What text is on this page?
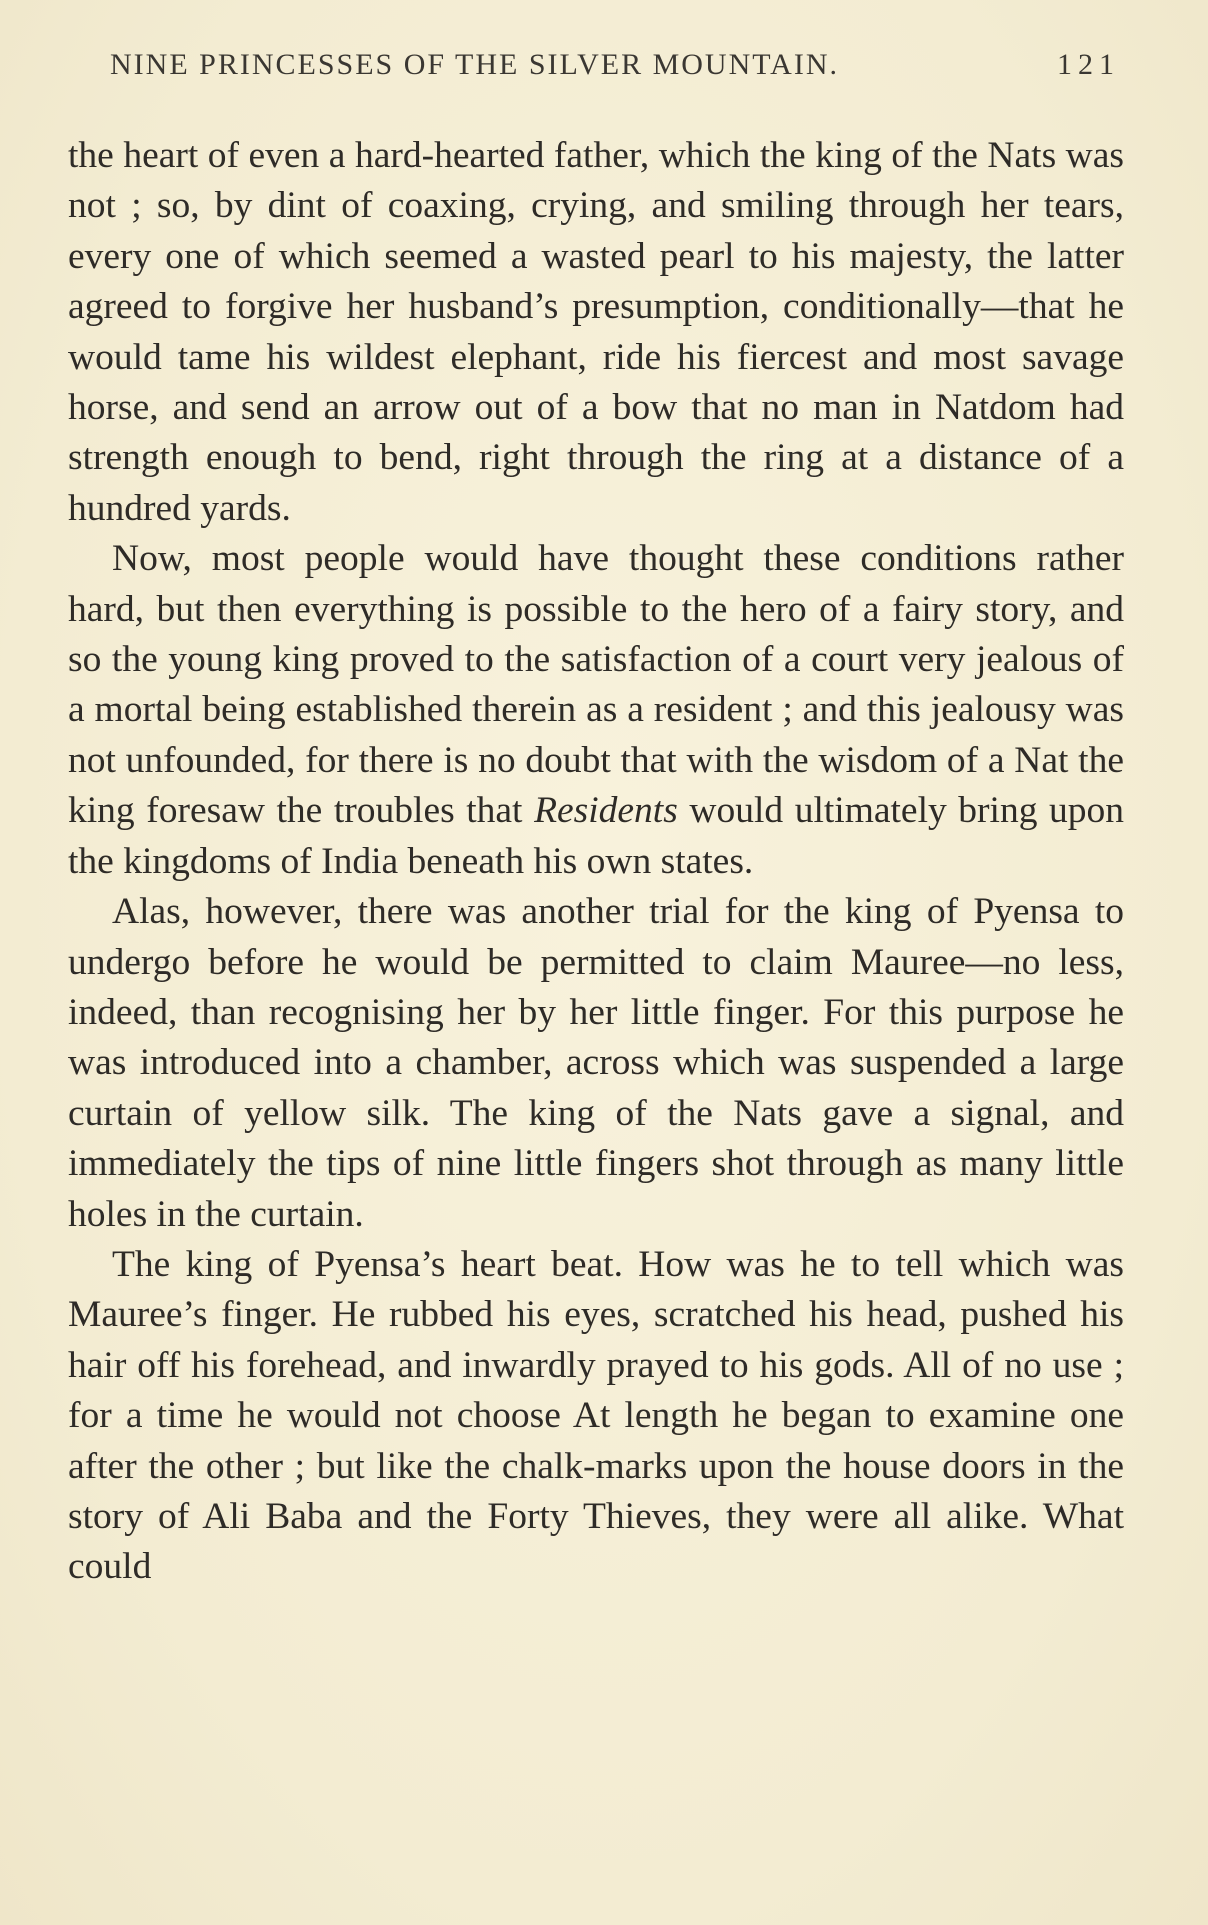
NINE PRINCESSES OF THE SILVER MOUNTAIN.	121

the heart of even a hard-hearted father, which the king of the Nats was not ; so, by dint of coaxing, crying, and smiling through her tears, every one of which seemed a wasted pearl to his majesty, the latter agreed to forgive her husband’s presumption, conditionally—that he would tame his wildest elephant, ride his fiercest and most savage horse, and send an arrow out of a bow that no man in Natdom had strength enough to bend, right through the ring at a distance of a hundred yards.

Now, most people would have thought these conditions rather hard, but then everything is possible to the hero of a fairy story, and so the young king proved to the satisfaction of a court very jealous of a mortal being established therein as a resident ; and this jealousy was not unfounded, for there is no doubt that with the wisdom of a Nat the king foresaw the troubles that Residents would ultimately bring upon the kingdoms of India beneath his own states.

Alas, however, there was another trial for the king of Pyensa to undergo before he would be permitted to claim Mauree—no less, indeed, than recognising her by her little finger. For this purpose he was introduced into a chamber, across which was suspended a large curtain of yellow silk. The king of the Nats gave a signal, and immediately the tips of nine little fingers shot through as many little holes in the curtain.

The king of Pyensa’s heart beat. How was he to tell which was Mauree’s finger. He rubbed his eyes, scratched his head, pushed his hair off his forehead, and inwardly prayed to his gods. All of no use ; for a time he would not choose At length he began to examine one after the other ; but like the chalk-marks upon the house doors in the story of Ali Baba and the Forty Thieves, they were all alike. What could
